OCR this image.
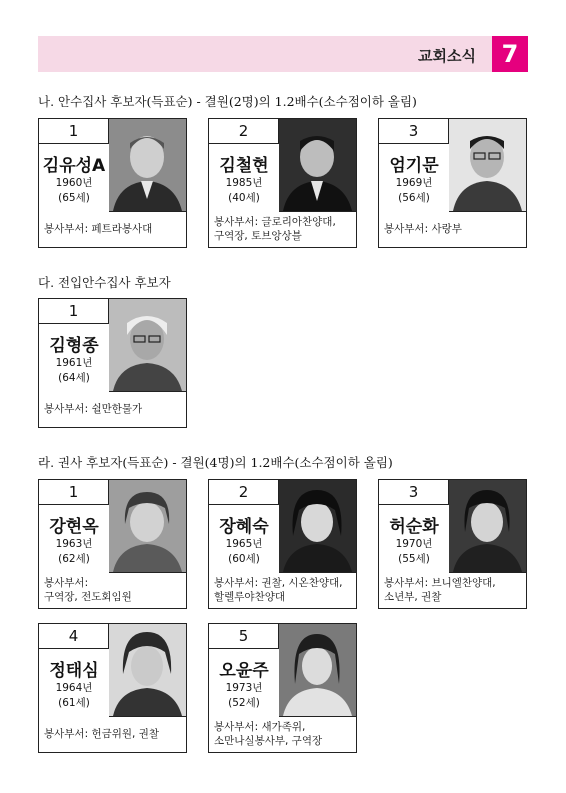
교회소식	7
나. 안수집사 후보자(득표순) - 결원(2명)의 1.2배수(소수점이하 올림)
1
김유성A
1960년
(65세)
봉사부서: 페트라봉사대
2
김철현
1985년
(40세)
봉사부서: 글로리아찬양대,
구역장, 토브앙상블
3
엄기문
1969년
(56세)
봉사부서: 사랑부
다. 전입안수집사 후보자
1
김형종
1961년
(64세)
봉사부서: 쉴만한물가
라. 권사 후보자(득표순) - 결원(4명)의 1.2배수(소수점이하 올림)
1
강현옥
1963년
(62세)
봉사부서:
구역장, 전도회임원
2
장혜숙
1965년
(60세)
봉사부서: 권찰, 시온찬양대,
할렐루야찬양대
3
허순화
1970년
(55세)
봉사부서: 브니엘찬양대,
소년부, 권찰
4
정태심
1964년
(61세)
봉사부서: 헌금위원, 권찰
5
오윤주
1973년
(52세)
봉사부서: 새가족위,
소만나실봉사부, 구역장
